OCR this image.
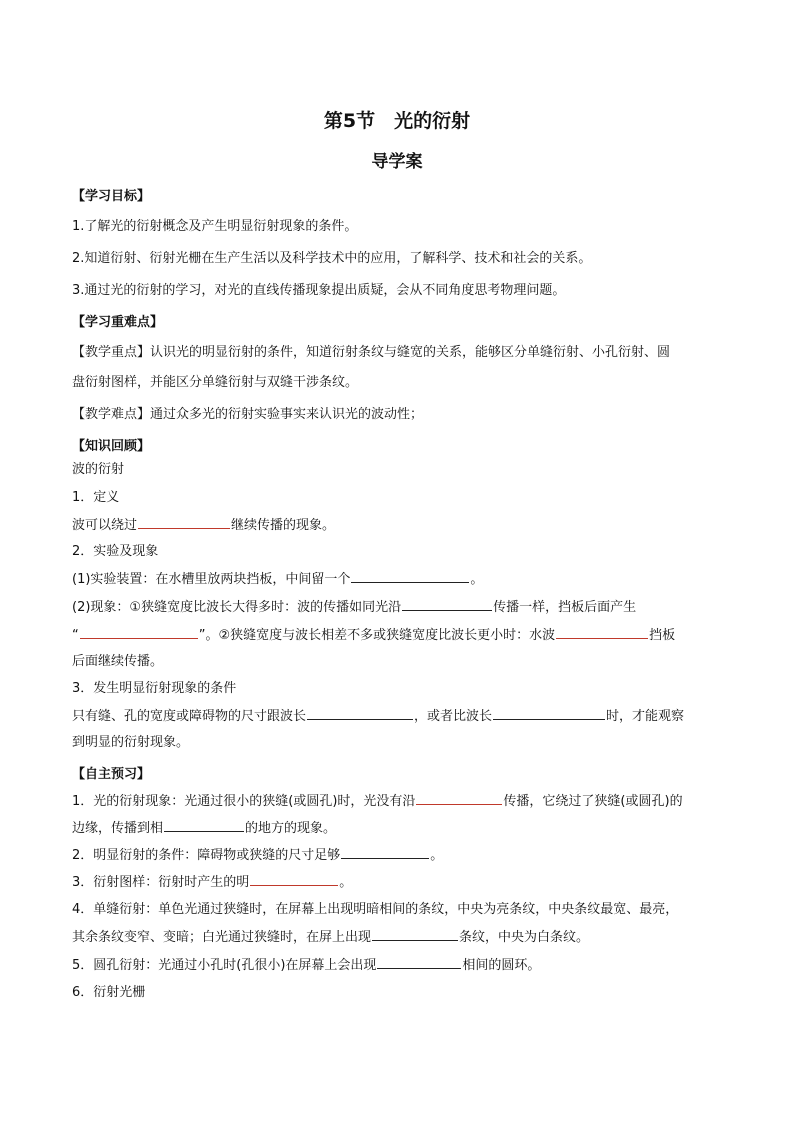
第5节　光的衍射
导学案
【学习目标】
1.了解光的衍射概念及产生明显衍射现象的条件。
2.知道衍射、衍射光栅在生产生活以及科学技术中的应用，了解科学、技术和社会的关系。
3.通过光的衍射的学习，对光的直线传播现象提出质疑，会从不同角度思考物理问题。
【学习重难点】
【教学重点】认识光的明显衍射的条件，知道衍射条纹与缝宽的关系，能够区分单缝衍射、小孔衍射、圆
盘衍射图样，并能区分单缝衍射与双缝干涉条纹。
【教学难点】通过众多光的衍射实验事实来认识光的波动性；
【知识回顾】
波的衍射
1．定义
波可以绕过	继续传播的现象。
2．实验及现象
(1)实验装置：在水槽里放两块挡板，中间留一个	。
(2)现象：①狭缝宽度比波长大得多时：波的传播如同光沿	传播一样，挡板后面产生
“	”。②狭缝宽度与波长相差不多或狭缝宽度比波长更小时：水波	挡板
后面继续传播。
3．发生明显衍射现象的条件
只有缝、孔的宽度或障碍物的尺寸跟波长	，或者比波长	时，才能观察
到明显的衍射现象。
【自主预习】
1．光的衍射现象：光通过很小的狭缝(或圆孔)时，光没有沿	传播，它绕过了狭缝(或圆孔)的
边缘，传播到相	的地方的现象。
2．明显衍射的条件：障碍物或狭缝的尺寸足够	。
3．衍射图样：衍射时产生的明	。
4．单缝衍射：单色光通过狭缝时，在屏幕上出现明暗相间的条纹，中央为亮条纹，中央条纹最宽、最亮，
其余条纹变窄、变暗；白光通过狭缝时，在屏上出现	条纹，中央为白条纹。
5．圆孔衍射：光通过小孔时(孔很小)在屏幕上会出现	相间的圆环。
6．衍射光栅
